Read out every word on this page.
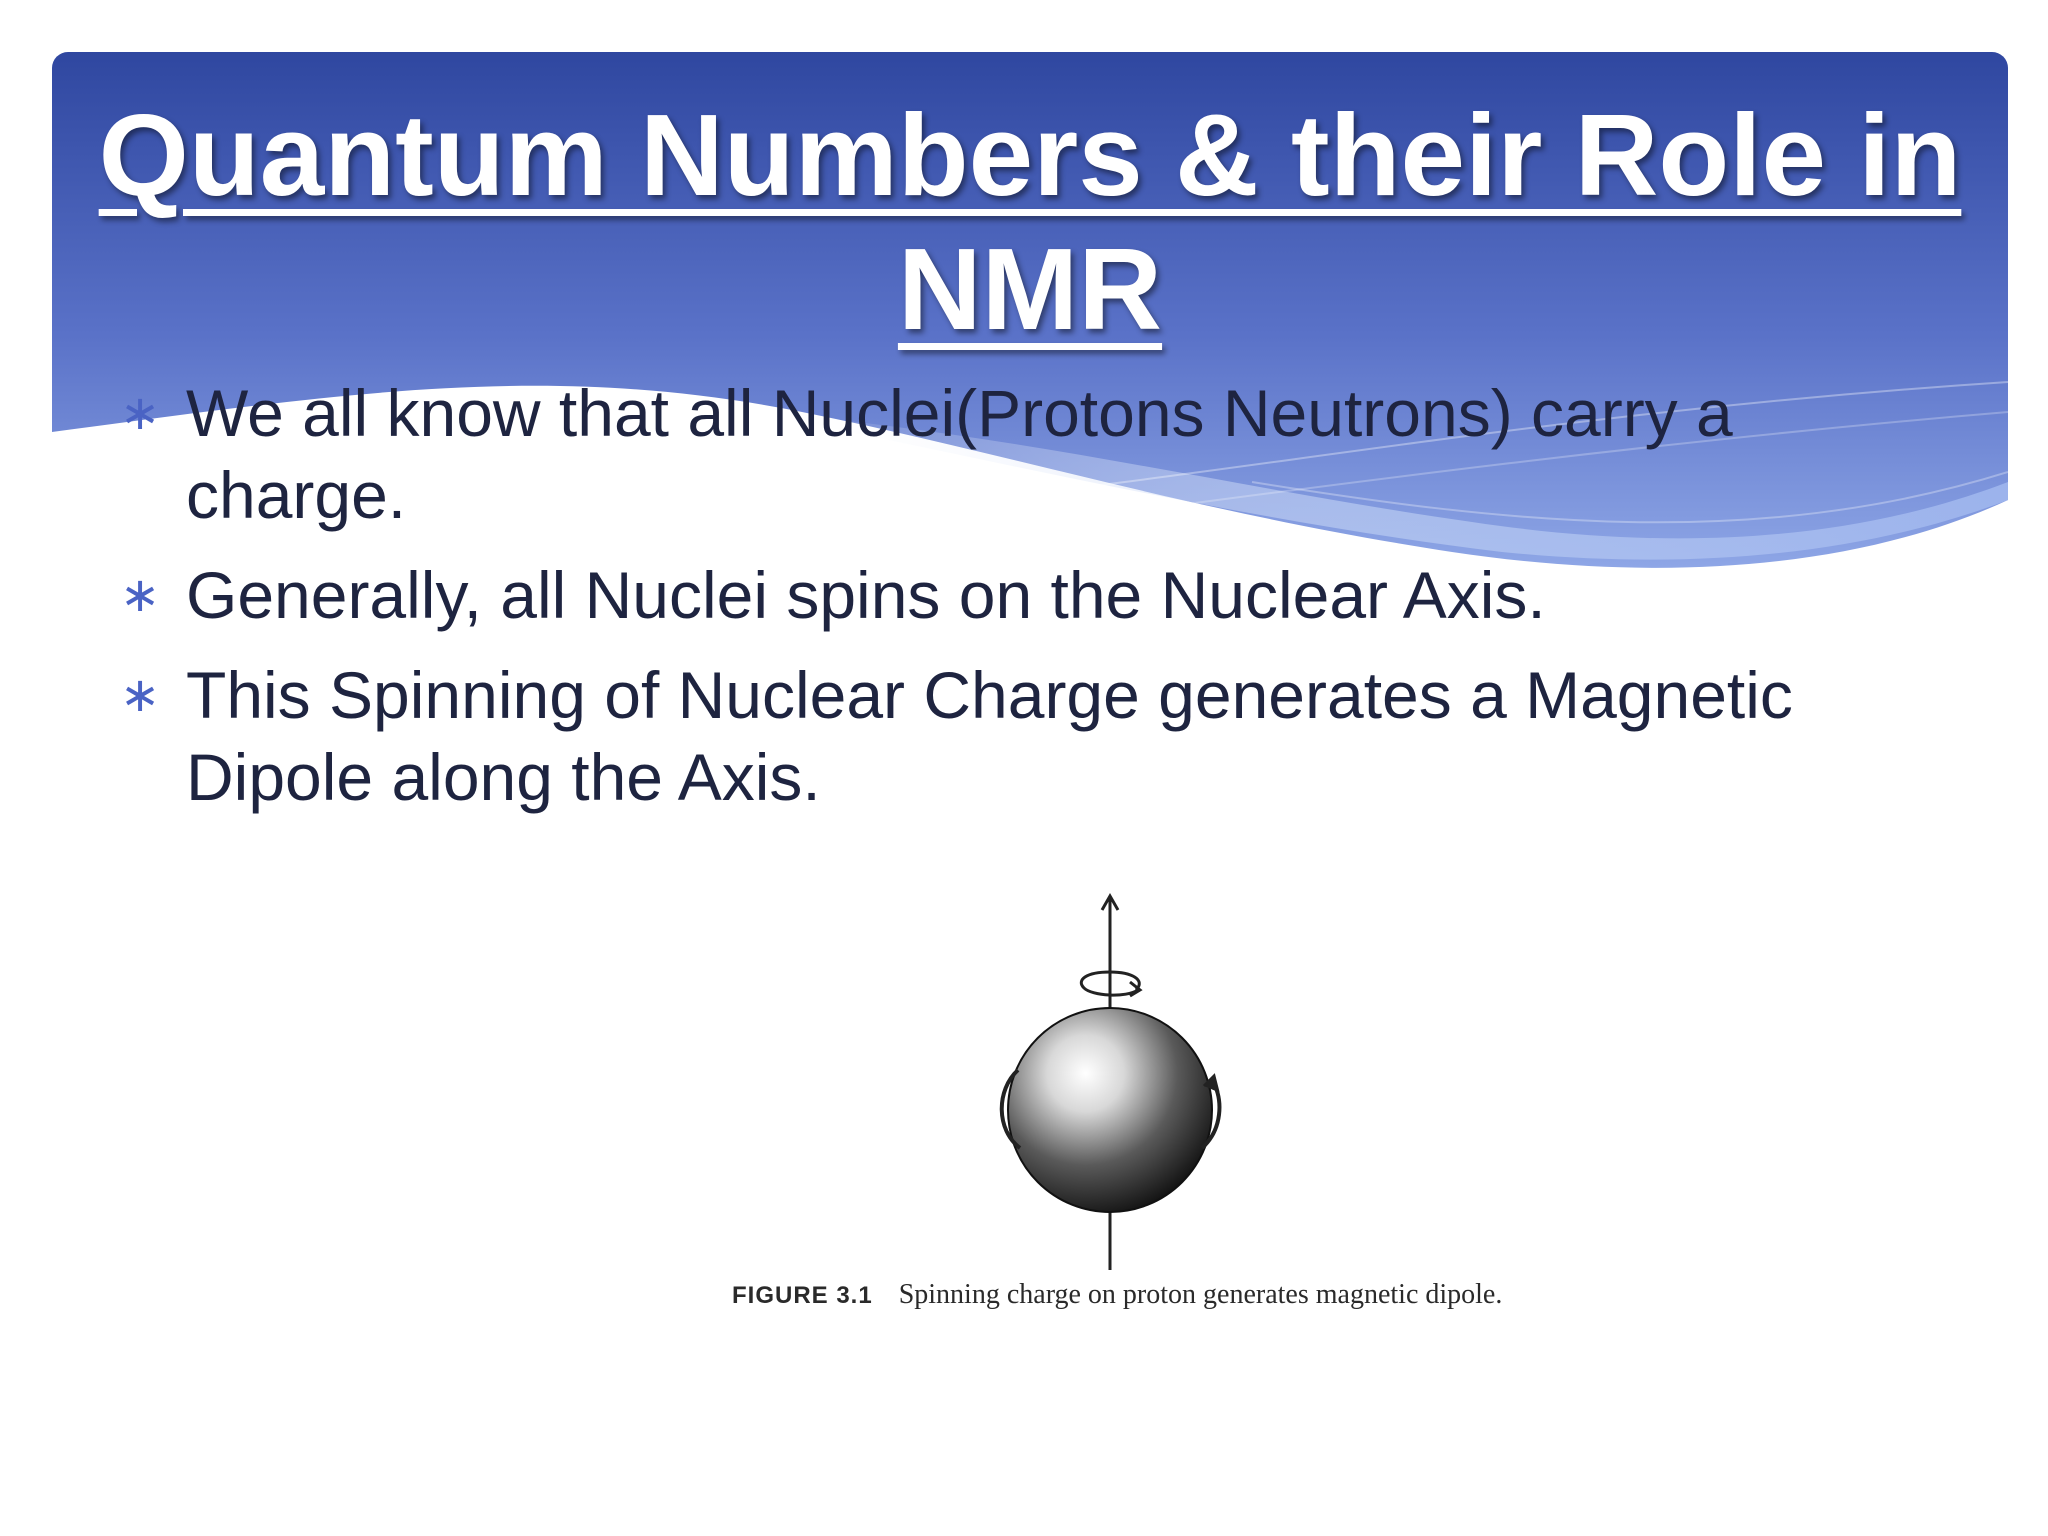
Quantum Numbers & their Role in NMR
∗ We all know that all Nuclei(Protons Neutrons) carry a charge.
∗ Generally, all Nuclei spins on the Nuclear Axis.
∗ This Spinning of Nuclear Charge generates a Magnetic Dipole along the Axis.
FIGURE 3.1 Spinning charge on proton generates magnetic dipole.
